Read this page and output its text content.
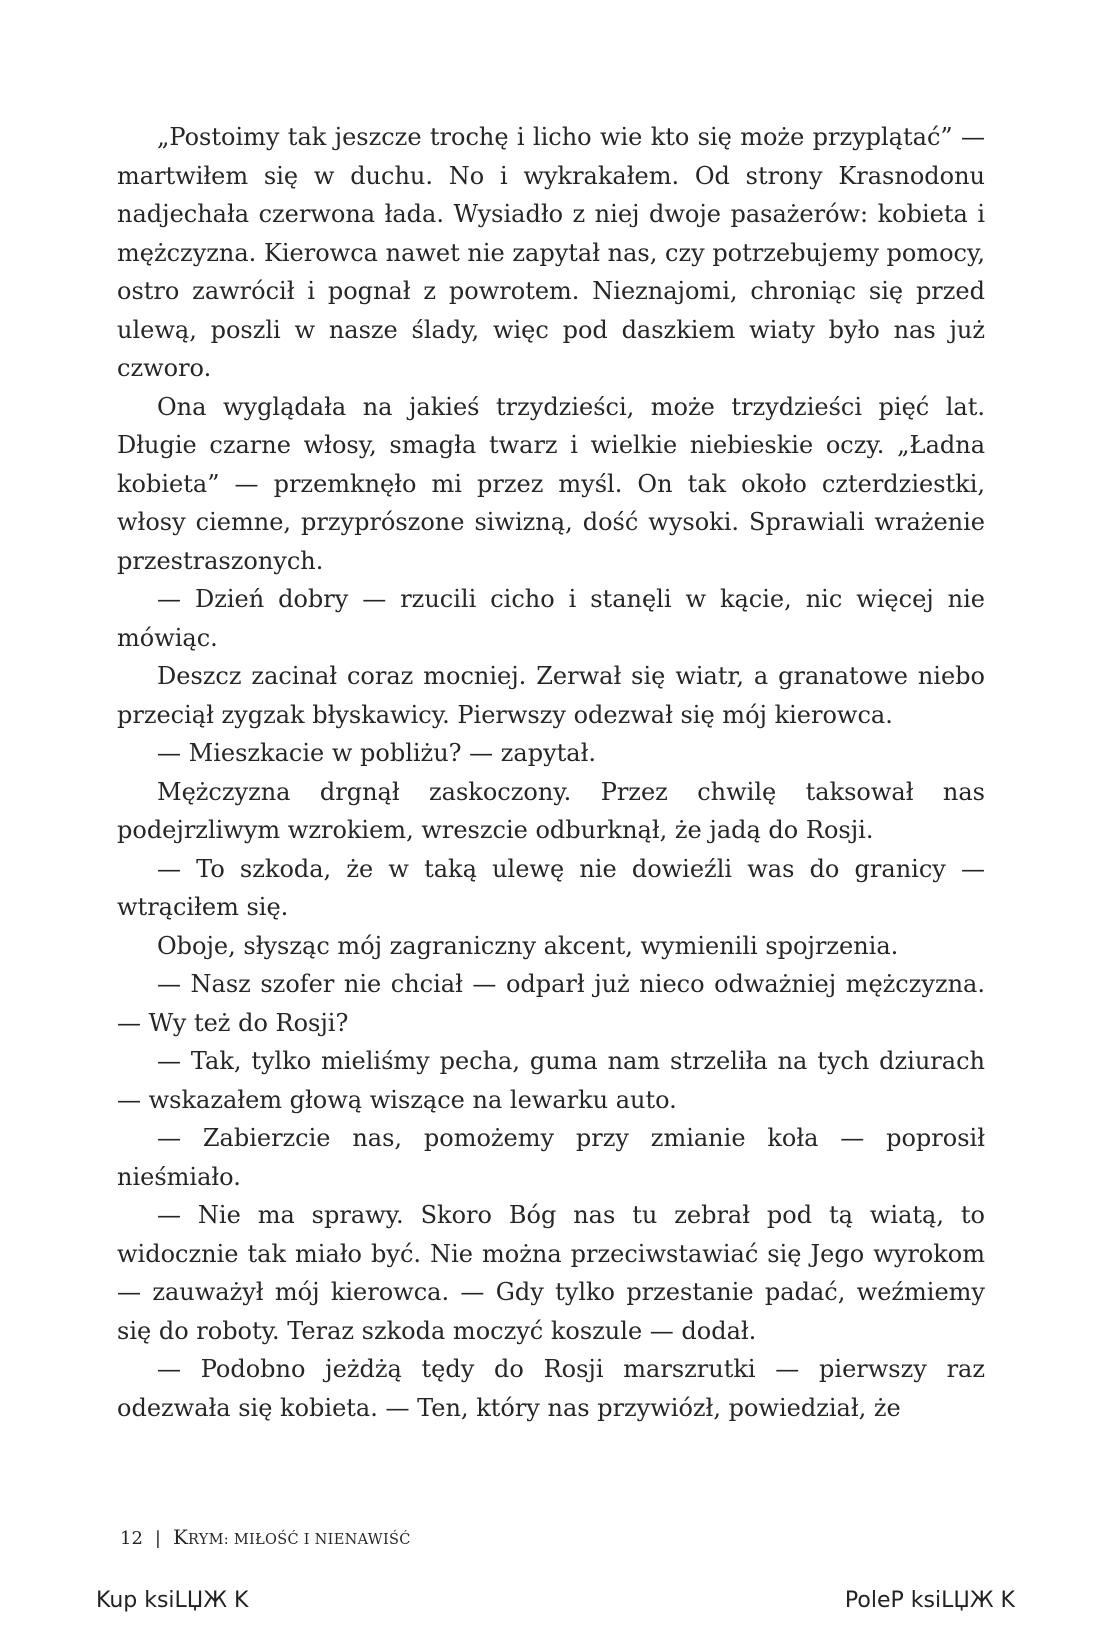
„Postoimy tak jeszcze trochę i licho wie kto się może przyplątać” — martwiłem się w duchu. No i wykrakałem. Od strony Krasnodonu nadjechała czerwona łada. Wysiadło z niej dwoje pasażerów: kobieta i mężczyzna. Kierowca nawet nie zapytał nas, czy potrzebujemy pomocy, ostro zawrócił i pognał z powrotem. Nieznajomi, chroniąc się przed ulewą, poszli w nasze ślady, więc pod daszkiem wiaty było nas już czworo.

Ona wyglądała na jakieś trzydzieści, może trzydzieści pięć lat. Długie czarne włosy, smagła twarz i wielkie niebieskie oczy. „Ładna kobieta” — przemknęło mi przez myśl. On tak około czterdziestki, włosy ciemne, przyprószone siwizną, dość wysoki. Sprawiali wrażenie przestraszonych.

— Dzień dobry — rzucili cicho i stanęli w kącie, nic więcej nie mówiąc.

Deszcz zacinał coraz mocniej. Zerwał się wiatr, a granatowe niebo przeciął zygzak błyskawicy. Pierwszy odezwał się mój kierowca.

— Mieszkacie w pobliżu? — zapytał.

Mężczyzna drgnął zaskoczony. Przez chwilę taksował nas podejrzliwym wzrokiem, wreszcie odburknął, że jadą do Rosji.

— To szkoda, że w taką ulewę nie dowieźli was do granicy — wtrąciłem się.

Oboje, słysząc mój zagraniczny akcent, wymienili spojrzenia.

— Nasz szofer nie chciał — odparł już nieco odważniej mężczyzna. — Wy też do Rosji?

— Tak, tylko mieliśmy pecha, guma nam strzeliła na tych dziurach — wskazałem głową wiszące na lewarku auto.

— Zabierzcie nas, pomożemy przy zmianie koła — poprosił nieśmiało.

— Nie ma sprawy. Skoro Bóg nas tu zebrał pod tą wiatą, to widocznie tak miało być. Nie można przeciwstawiać się Jego wyrokom — zauważył mój kierowca. — Gdy tylko przestanie padać, weźmiemy się do roboty. Teraz szkoda moczyć koszule — dodał.

— Podobno jeżdżą tędy do Rosji marszrutki — pierwszy raz odezwała się kobieta. — Ten, który nas przywiózł, powiedział, że

12 | KRYM: MIŁOŚĆ I NIENAWIŚĆ
Kup ksiLЏЖ K	PoleP ksiLЏЖ K
